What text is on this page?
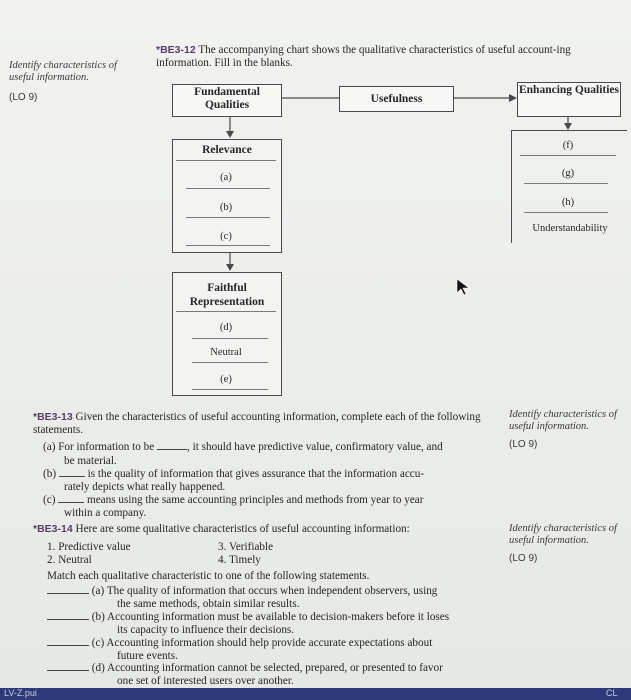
Identify characteristics of useful information.
(LO 9)
Identify characteristics of useful information.
(LO 9)
Identify characteristics of useful information.
(LO 9)
*BE3-12 The accompanying chart shows the qualitative characteristics of useful account-ing information. Fill in the blanks.
Usefulness
Fundamental Qualities
Enhancing Qualities
Relevance
(a)
(b)
(c)
Faithful Representation
(d)
Neutral
(e)
(f)
(g)
(h)
Understandability
*BE3-13 Given the characteristics of useful accounting information, complete each of the following statements.
(a) For information to be	, it should have predictive value, confirmatory value, and
be material.
(b)	is the quality of information that gives assurance that the information accu-
rately depicts what really happened.
(c)	means using the same accounting principles and methods from year to year
within a company.
*BE3-14 Here are some qualitative characteristics of useful accounting information:
1. Predictive value	3. Verifiable
2. Neutral	4. Timely
Match each qualitative characteristic to one of the following statements.
(a) The quality of information that occurs when independent observers, using
the same methods, obtain similar results.
(b) Accounting information must be available to decision-makers before it loses
its capacity to influence their decisions.
(c) Accounting information should help provide accurate expectations about
future events.
(d) Accounting information cannot be selected, prepared, or presented to favor
one set of interested users over another.
LV-Z.pui	CL
